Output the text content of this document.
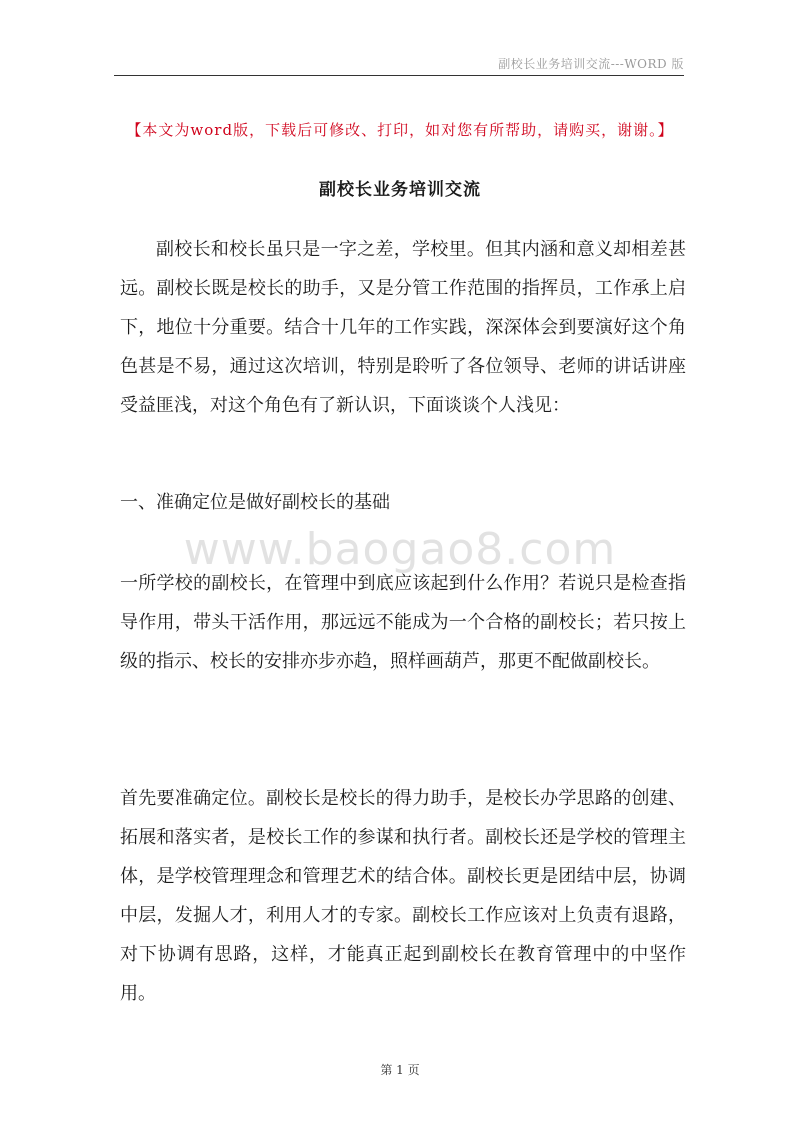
副校长业务培训交流---WORD 版
【本文为word版，下载后可修改、打印，如对您有所帮助，请购买，谢谢。】
副校长业务培训交流

副校长和校长虽只是一字之差，学校里。但其内涵和意义却相差甚远。副校长既是校长的助手，又是分管工作范围的指挥员，工作承上启下，地位十分重要。结合十几年的工作实践，深深体会到要演好这个角色甚是不易，通过这次培训，特别是聆听了各位领导、老师的讲话讲座受益匪浅，对这个角色有了新认识，下面谈谈个人浅见：

一、准确定位是做好副校长的基础

www.baogao8.com

一所学校的副校长，在管理中到底应该起到什么作用？若说只是检查指导作用，带头干活作用，那远远不能成为一个合格的副校长；若只按上级的指示、校长的安排亦步亦趋，照样画葫芦，那更不配做副校长。

首先要准确定位。副校长是校长的得力助手，是校长办学思路的创建、拓展和落实者，是校长工作的参谋和执行者。副校长还是学校的管理主体，是学校管理理念和管理艺术的结合体。副校长更是团结中层，协调中层，发掘人才，利用人才的专家。副校长工作应该对上负责有退路，对下协调有思路，这样，才能真正起到副校长在教育管理中的中坚作用。

第 1 页
